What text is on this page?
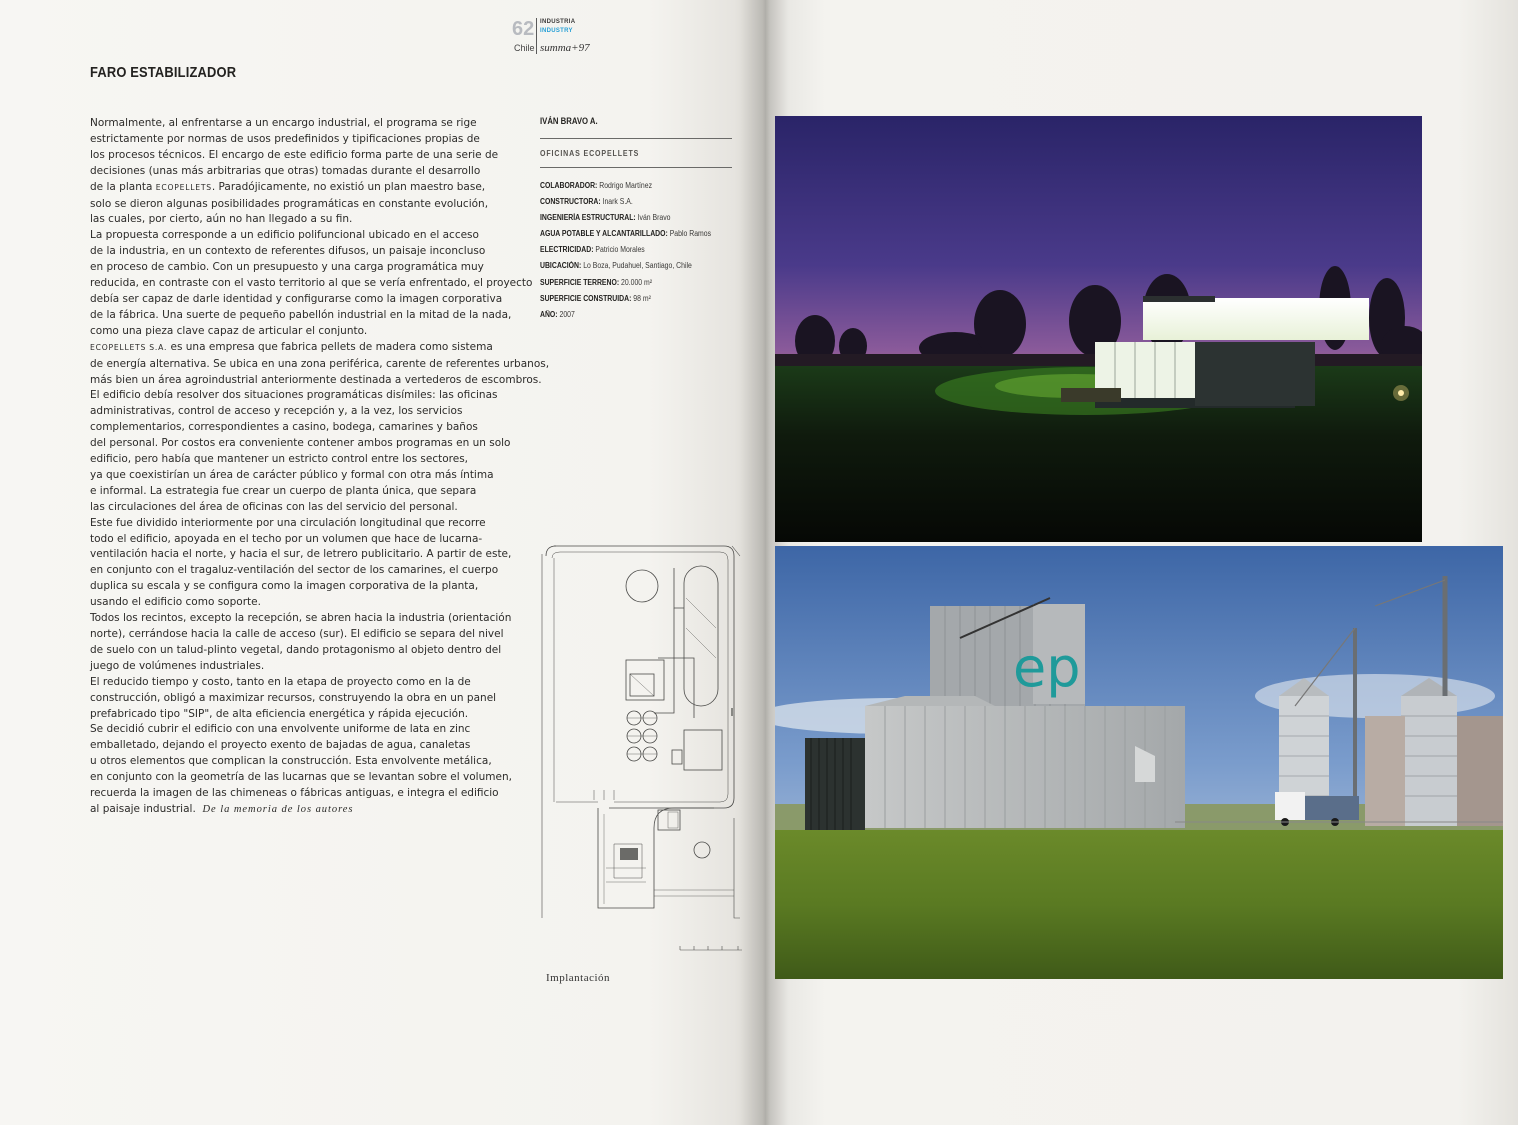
62 INDUSTRIA
INDUSTRY
Chile summa+97
FARO ESTABILIZADOR
Normalmente, al enfrentarse a un encargo industrial, el programa se rige
estrictamente por normas de usos predefinidos y tipificaciones propias de
los procesos técnicos. El encargo de este edificio forma parte de una serie de
decisiones (unas más arbitrarias que otras) tomadas durante el desarrollo
de la planta ECOPELLETS. Paradójicamente, no existió un plan maestro base,
solo se dieron algunas posibilidades programáticas en constante evolución,
las cuales, por cierto, aún no han llegado a su fin.
La propuesta corresponde a un edificio polifuncional ubicado en el acceso
de la industria, en un contexto de referentes difusos, un paisaje inconcluso
en proceso de cambio. Con un presupuesto y una carga programática muy
reducida, en contraste con el vasto territorio al que se vería enfrentado, el proyecto
debía ser capaz de darle identidad y configurarse como la imagen corporativa
de la fábrica. Una suerte de pequeño pabellón industrial en la mitad de la nada,
como una pieza clave capaz de articular el conjunto.
ECOPELLETS S.A. es una empresa que fabrica pellets de madera como sistema
de energía alternativa. Se ubica en una zona periférica, carente de referentes urbanos,
más bien un área agroindustrial anteriormente destinada a vertederos de escombros.
El edificio debía resolver dos situaciones programáticas disímiles: las oficinas
administrativas, control de acceso y recepción y, a la vez, los servicios
complementarios, correspondientes a casino, bodega, camarines y baños
del personal. Por costos era conveniente contener ambos programas en un solo
edificio, pero había que mantener un estricto control entre los sectores,
ya que coexistirían un área de carácter público y formal con otra más íntima
e informal. La estrategia fue crear un cuerpo de planta única, que separa
las circulaciones del área de oficinas con las del servicio del personal.
Este fue dividido interiormente por una circulación longitudinal que recorre
todo el edificio, apoyada en el techo por un volumen que hace de lucarna-
ventilación hacia el norte, y hacia el sur, de letrero publicitario. A partir de este,
en conjunto con el tragaluz-ventilación del sector de los camarines, el cuerpo
duplica su escala y se configura como la imagen corporativa de la planta,
usando el edificio como soporte.
Todos los recintos, excepto la recepción, se abren hacia la industria (orientación
norte), cerrándose hacia la calle de acceso (sur). El edificio se separa del nivel
de suelo con un talud-plinto vegetal, dando protagonismo al objeto dentro del
juego de volúmenes industriales.
El reducido tiempo y costo, tanto en la etapa de proyecto como en la de
construcción, obligó a maximizar recursos, construyendo la obra en un panel
prefabricado tipo "SIP", de alta eficiencia energética y rápida ejecución.
Se decidió cubrir el edificio con una envolvente uniforme de lata en zinc
emballetado, dejando el proyecto exento de bajadas de agua, canaletas
u otros elementos que complican la construcción. Esta envolvente metálica,
en conjunto con la geometría de las lucarnas que se levantan sobre el volumen,
recuerda la imagen de las chimeneas o fábricas antiguas, e integra el edificio
al paisaje industrial. De la memoria de los autores
IVÁN BRAVO A.
OFICINAS ECOPELLETS
COLABORADOR: Rodrigo Martínez
CONSTRUCTORA: Inark S.A.
INGENIERÍA ESTRUCTURAL: Iván Bravo
AGUA POTABLE Y ALCANTARILLADO: Pablo Ramos
ELECTRICIDAD: Patricio Morales
UBICACIÓN: Lo Boza, Pudahuel, Santiago, Chile
SUPERFICIE TERRENO: 20.000 m²
SUPERFICIE CONSTRUIDA: 98 m²
AÑO: 2007
Implantación
ep
